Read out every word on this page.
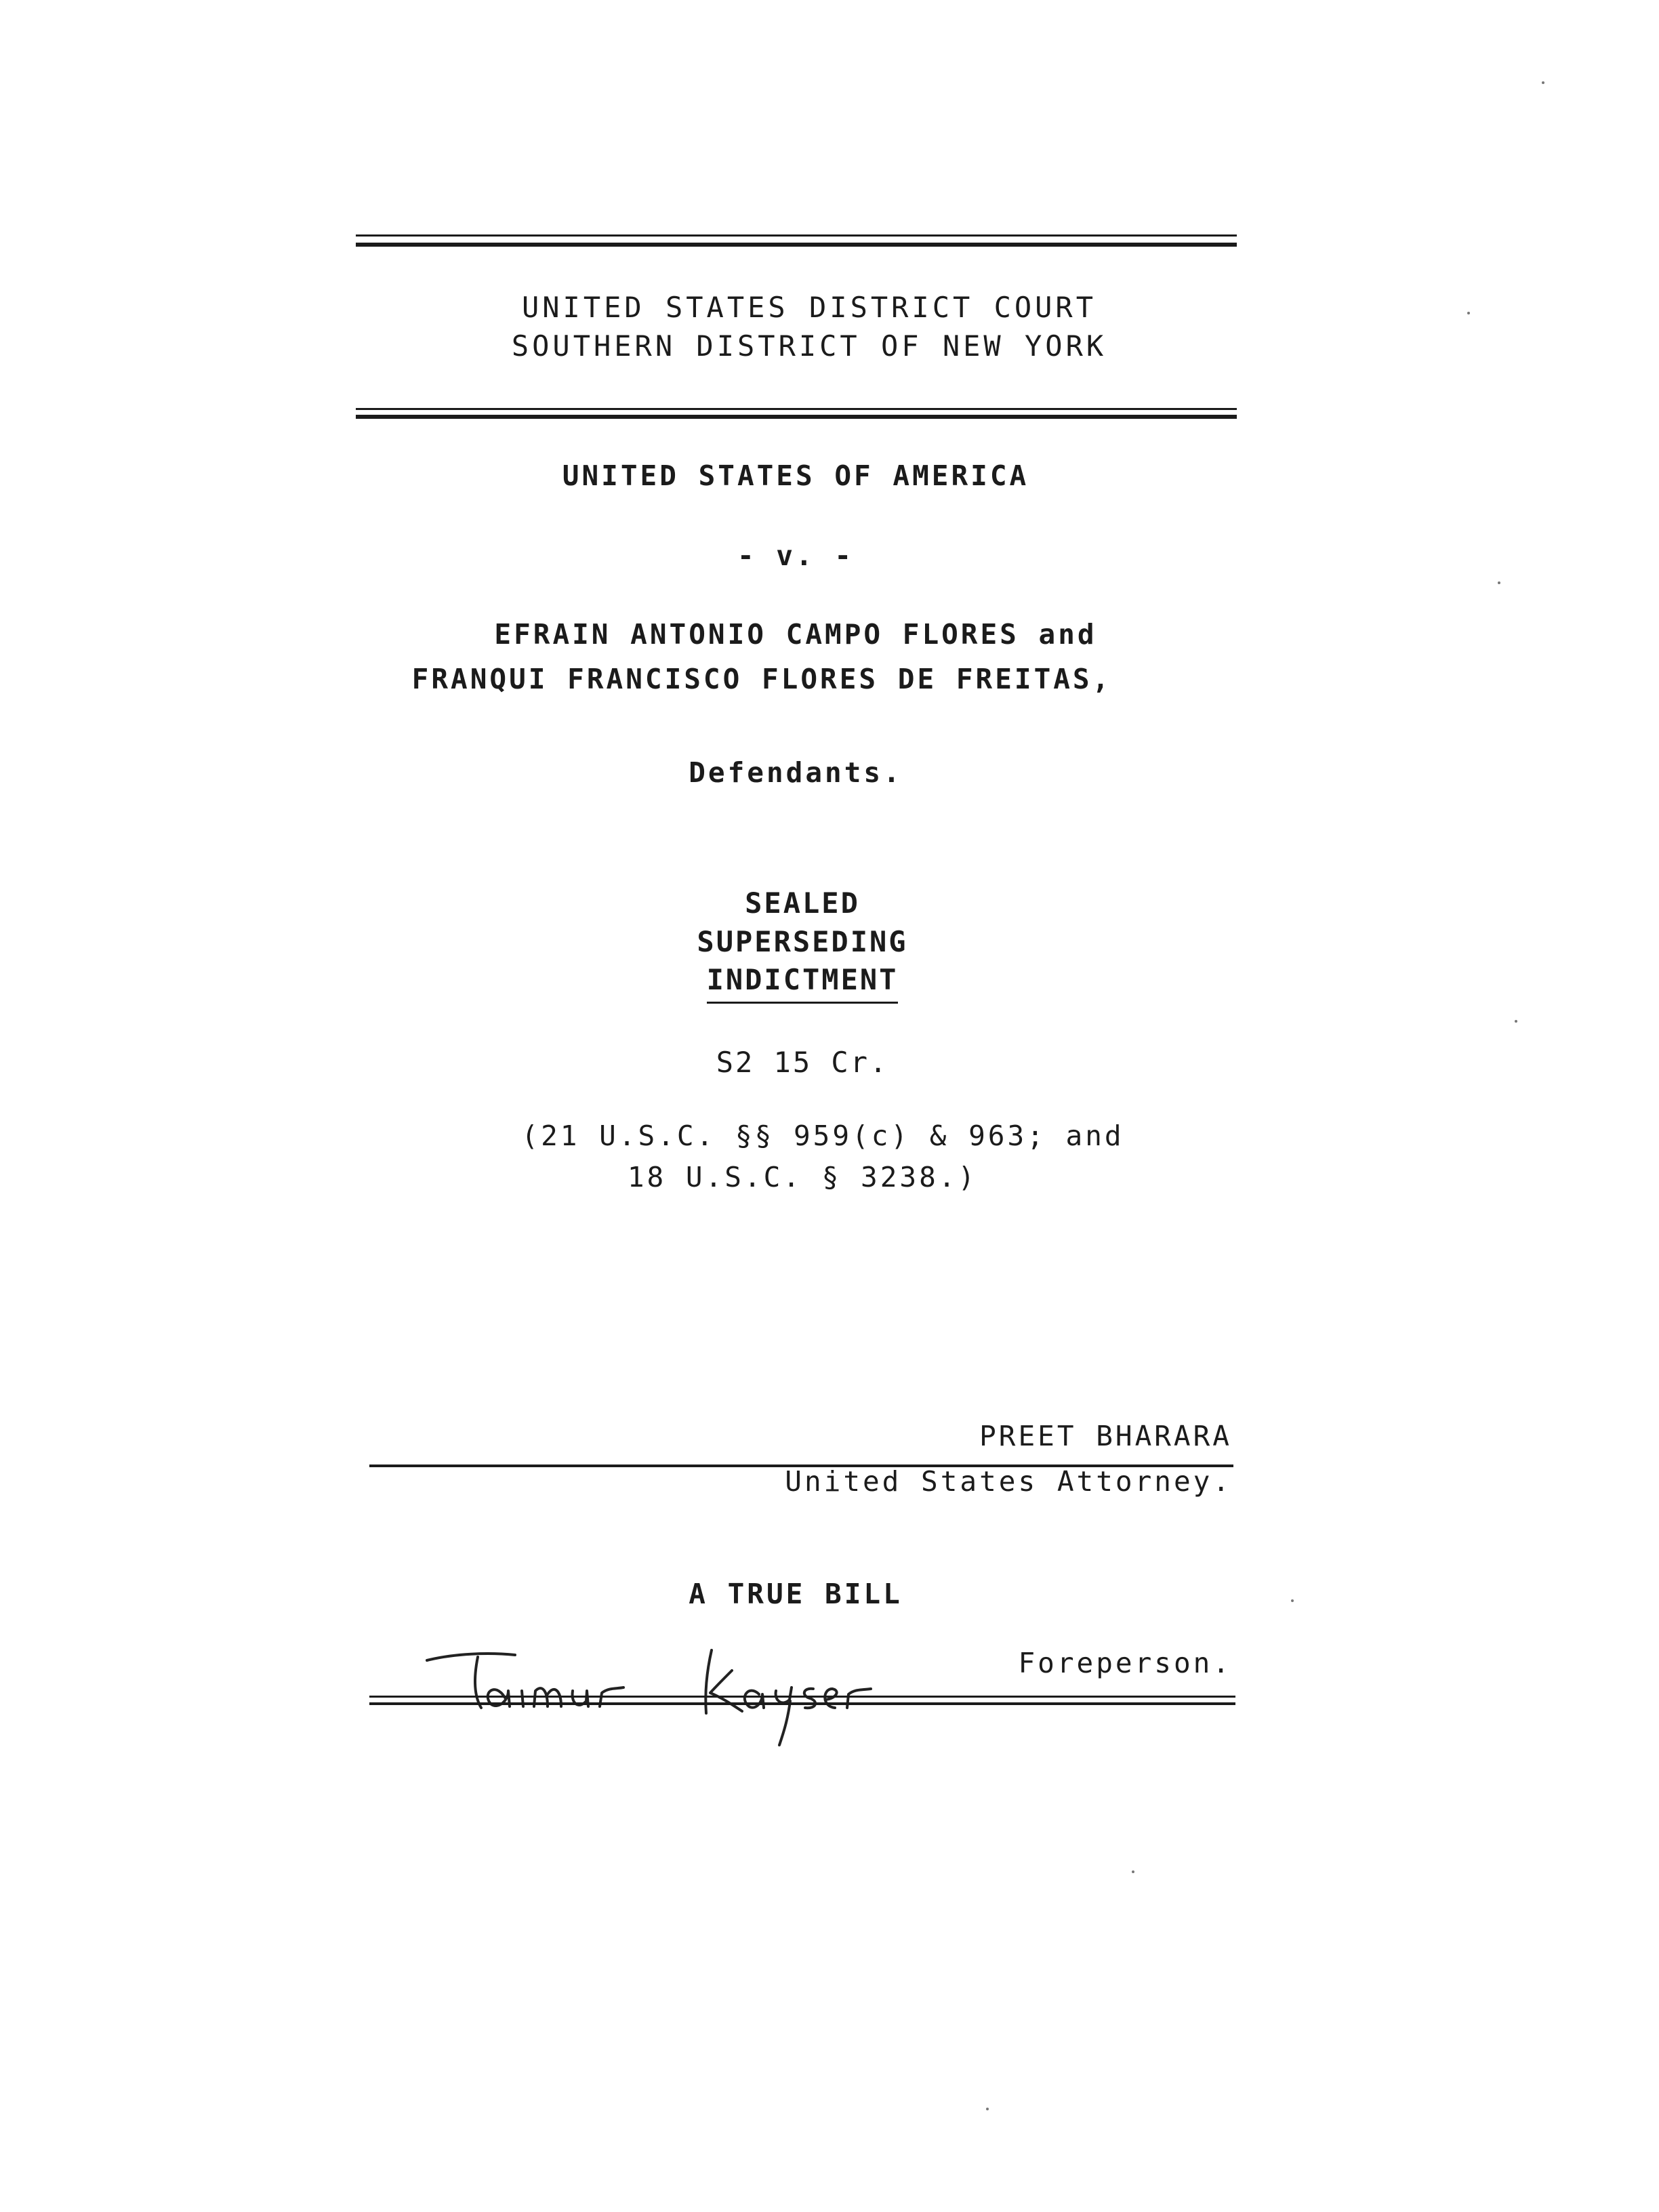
UNITED STATES DISTRICT COURT
SOUTHERN DISTRICT OF NEW YORK
UNITED STATES OF AMERICA
- v. -
EFRAIN ANTONIO CAMPO FLORES and
FRANQUI FRANCISCO FLORES DE FREITAS,
Defendants.
SEALED
SUPERSEDING
INDICTMENT
S2 15 Cr.
(21 U.S.C. §§ 959(c) & 963; and
18 U.S.C. § 3238.)
PREET BHARARA
United States Attorney.
A TRUE BILL
Foreperson.
